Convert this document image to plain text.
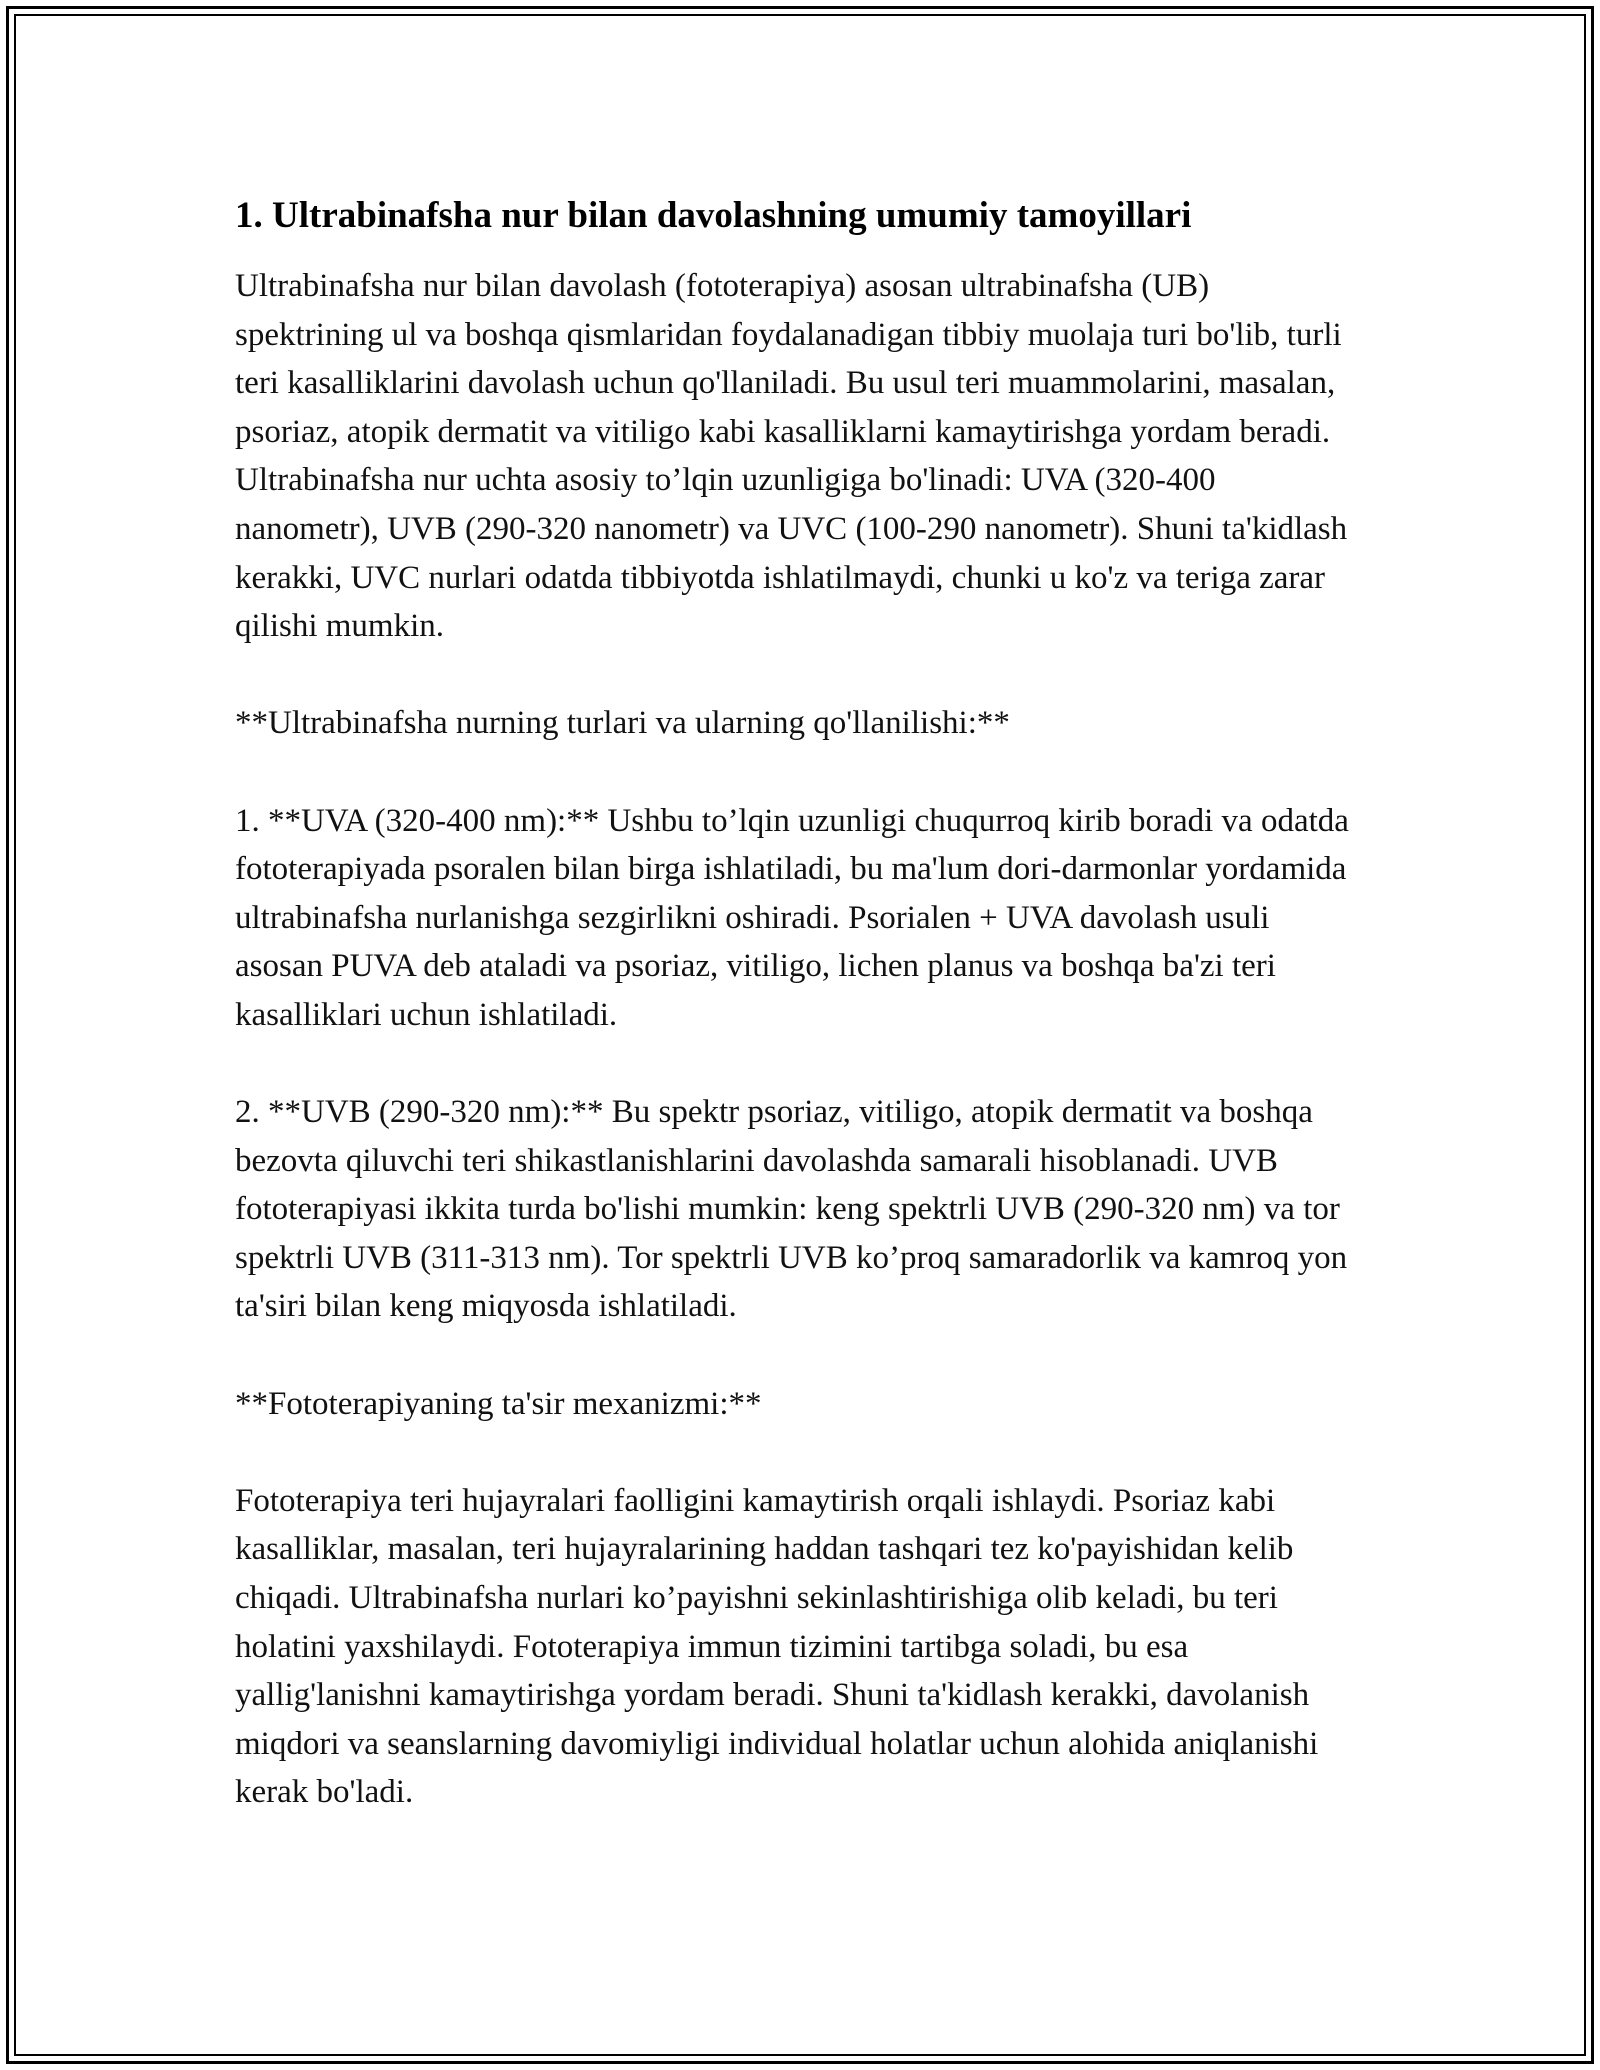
1. Ultrabinafsha nur bilan davolashning umumiy tamoyillari

Ultrabinafsha nur bilan davolash (fototerapiya) asosan ultrabinafsha (UB) spektrining ul va boshqa qismlaridan foydalanadigan tibbiy muolaja turi bo'lib, turli teri kasalliklarini davolash uchun qo'llaniladi. Bu usul teri muammolarini, masalan, psoriaz, atopik dermatit va vitiligo kabi kasalliklarni kamaytirishga yordam beradi. Ultrabinafsha nur uchta asosiy to’lqin uzunligiga bo'linadi: UVA (320-400 nanometr), UVB (290-320 nanometr) va UVC (100-290 nanometr). Shuni ta'kidlash kerakki, UVC nurlari odatda tibbiyotda ishlatilmaydi, chunki u ko'z va teriga zarar qilishi mumkin.

**Ultrabinafsha nurning turlari va ularning qo'llanilishi:**

1. **UVA (320-400 nm):** Ushbu to’lqin uzunligi chuqurroq kirib boradi va odatda fototerapiyada psoralen bilan birga ishlatiladi, bu ma'lum dori-darmonlar yordamida ultrabinafsha nurlanishga sezgirlikni oshiradi. Psorialen + UVA davolash usuli asosan PUVA deb ataladi va psoriaz, vitiligo, lichen planus va boshqa ba'zi teri kasalliklari uchun ishlatiladi.

2. **UVB (290-320 nm):** Bu spektr psoriaz, vitiligo, atopik dermatit va boshqa bezovta qiluvchi teri shikastlanishlarini davolashda samarali hisoblanadi. UVB fototerapiyasi ikkita turda bo'lishi mumkin: keng spektrli UVB (290-320 nm) va tor spektrli UVB (311-313 nm). Tor spektrli UVB ko’proq samaradorlik va kamroq yon ta'siri bilan keng miqyosda ishlatiladi.

**Fototerapiyaning ta'sir mexanizmi:**

Fototerapiya teri hujayralari faolligini kamaytirish orqali ishlaydi. Psoriaz kabi kasalliklar, masalan, teri hujayralarining haddan tashqari tez ko'payishidan kelib chiqadi. Ultrabinafsha nurlari ko’payishni sekinlashtirishiga olib keladi, bu teri holatini yaxshilaydi. Fototerapiya immun tizimini tartibga soladi, bu esa yallig'lanishni kamaytirishga yordam beradi. Shuni ta'kidlash kerakki, davolanish miqdori va seanslarning davomiyligi individual holatlar uchun alohida aniqlanishi kerak bo'ladi.
